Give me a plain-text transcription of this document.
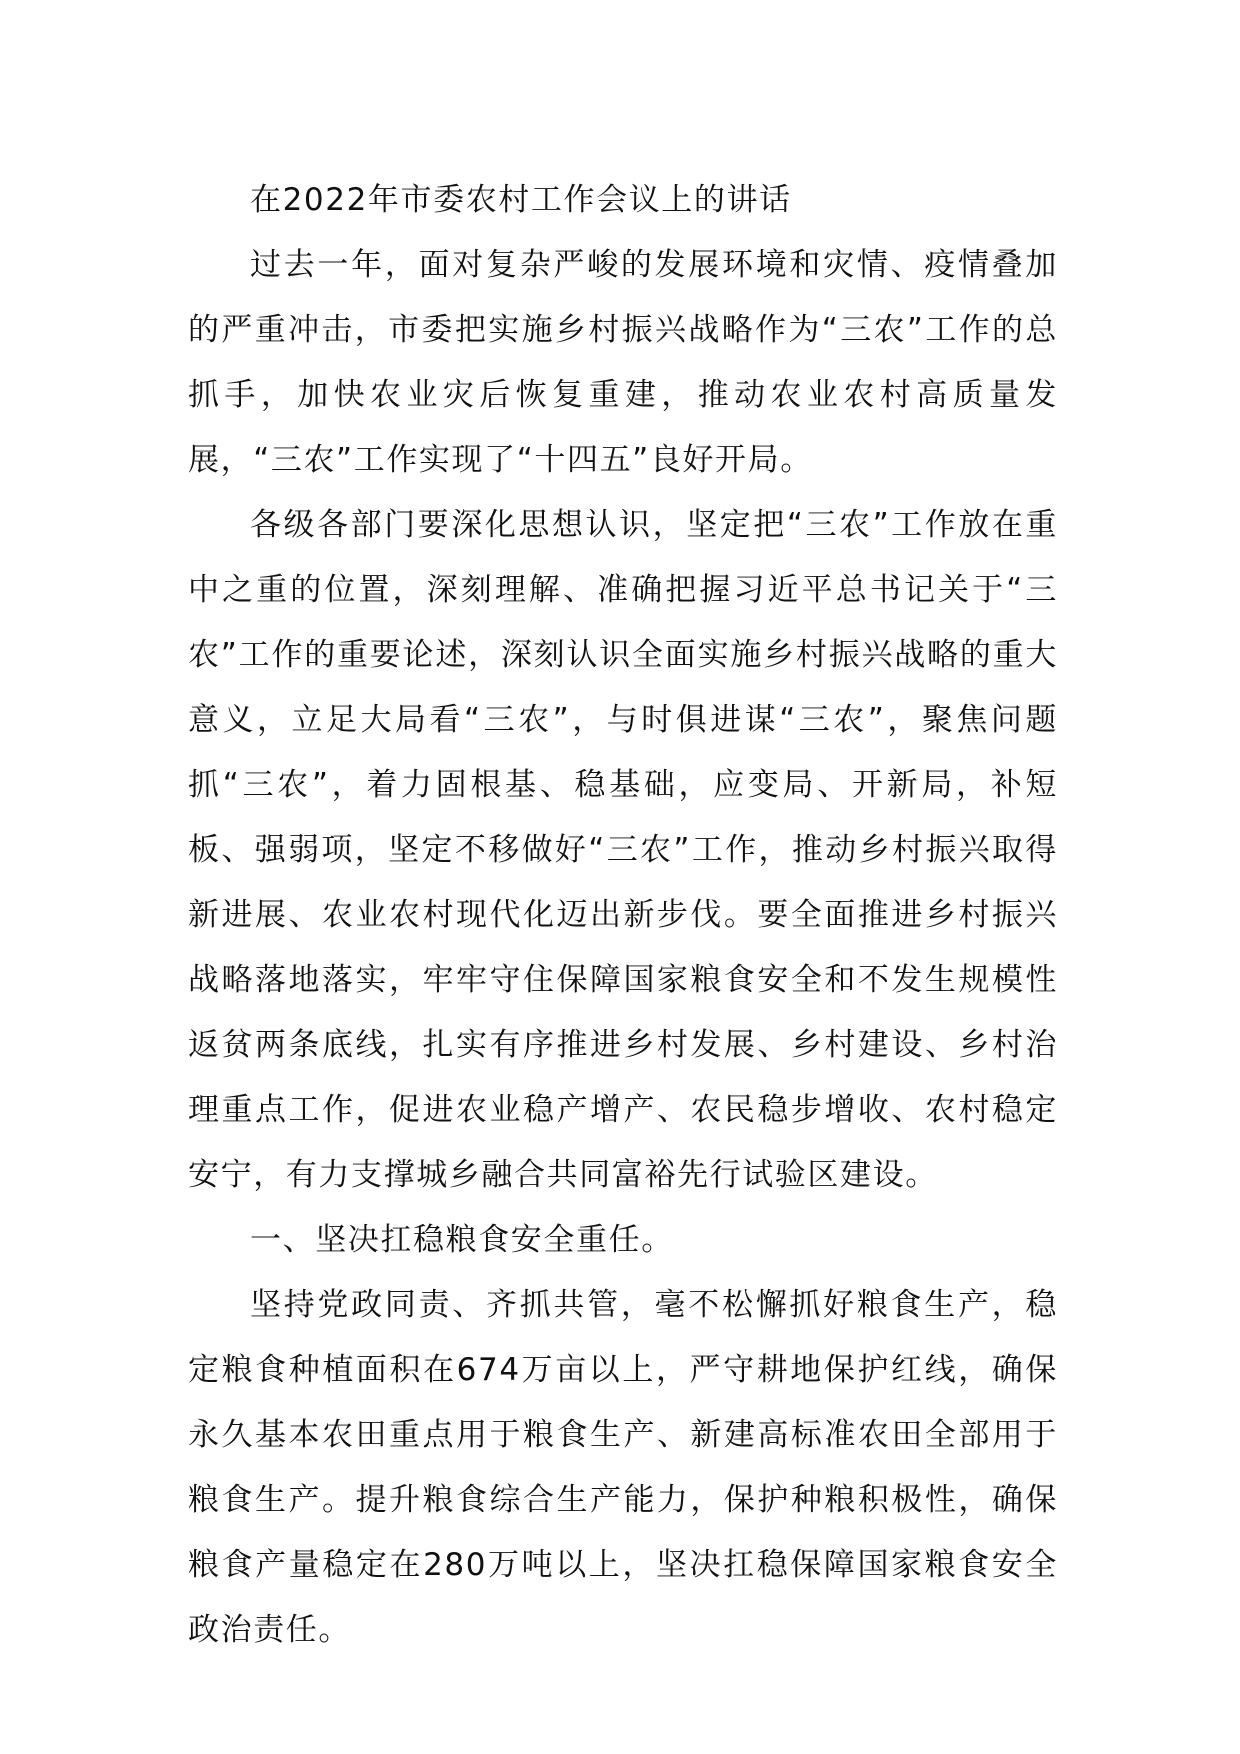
在2022年市委农村工作会议上的讲话

过去一年，面对复杂严峻的发展环境和灾情、疫情叠加的严重冲击，市委把实施乡村振兴战略作为“三农”工作的总抓手，加快农业灾后恢复重建，推动农业农村高质量发展，“三农”工作实现了“十四五”良好开局。

各级各部门要深化思想认识，坚定把“三农”工作放在重中之重的位置，深刻理解、准确把握习近平总书记关于“三农”工作的重要论述，深刻认识全面实施乡村振兴战略的重大意义，立足大局看“三农”，与时俱进谋“三农”，聚焦问题抓“三农”，着力固根基、稳基础，应变局、开新局，补短板、强弱项，坚定不移做好“三农”工作，推动乡村振兴取得新进展、农业农村现代化迈出新步伐。要全面推进乡村振兴战略落地落实，牢牢守住保障国家粮食安全和不发生规模性返贫两条底线，扎实有序推进乡村发展、乡村建设、乡村治理重点工作，促进农业稳产增产、农民稳步增收、农村稳定安宁，有力支撑城乡融合共同富裕先行试验区建设。

一、坚决扛稳粮食安全重任。

坚持党政同责、齐抓共管，毫不松懈抓好粮食生产，稳定粮食种植面积在674万亩以上，严守耕地保护红线，确保永久基本农田重点用于粮食生产、新建高标准农田全部用于粮食生产。提升粮食综合生产能力，保护种粮积极性，确保粮食产量稳定在280万吨以上，坚决扛稳保障国家粮食安全政治责任。
